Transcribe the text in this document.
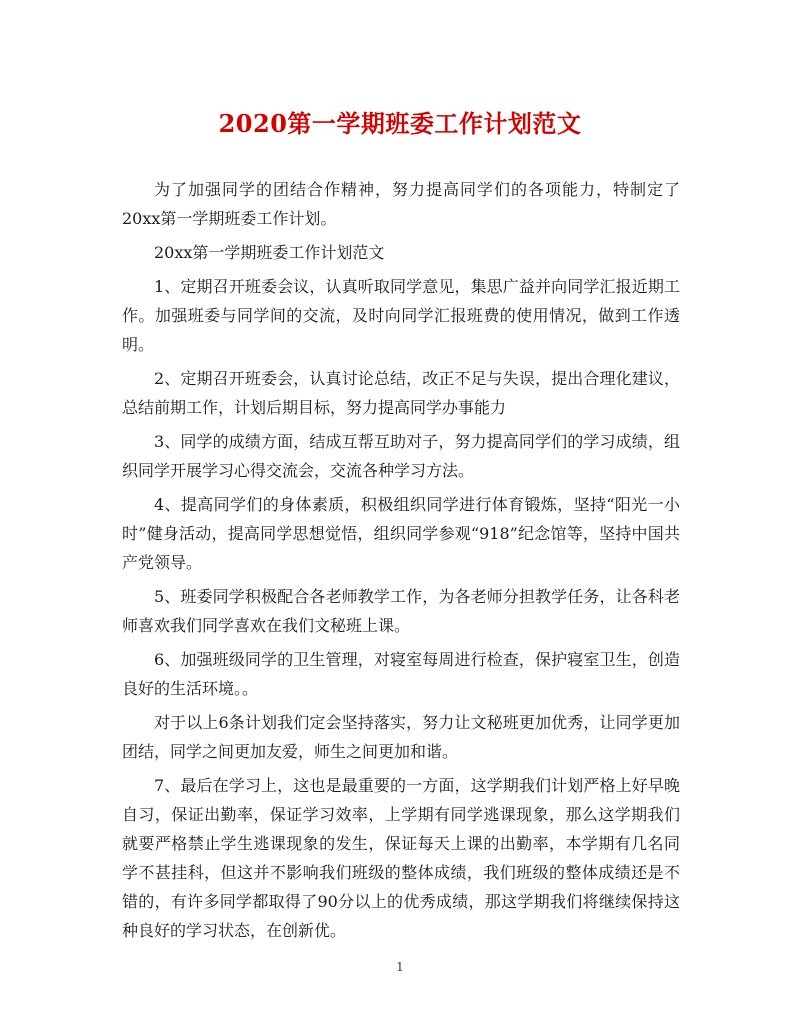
2020第一学期班委工作计划范文

为了加强同学的团结合作精神，努力提高同学们的各项能力，特制定了20xx第一学期班委工作计划。

20xx第一学期班委工作计划范文

1、定期召开班委会议，认真听取同学意见，集思广益并向同学汇报近期工作。加强班委与同学间的交流，及时向同学汇报班费的使用情况，做到工作透明。

2、定期召开班委会，认真讨论总结，改正不足与失误，提出合理化建议，总结前期工作，计划后期目标，努力提高同学办事能力

3、同学的成绩方面，结成互帮互助对子，努力提高同学们的学习成绩，组织同学开展学习心得交流会，交流各种学习方法。

4、提高同学们的身体素质，积极组织同学进行体育锻炼，坚持“阳光一小时”健身活动，提高同学思想觉悟，组织同学参观“918”纪念馆等，坚持中国共产党领导。

5、班委同学积极配合各老师教学工作，为各老师分担教学任务，让各科老师喜欢我们同学喜欢在我们文秘班上课。

6、加强班级同学的卫生管理，对寝室每周进行检查，保护寝室卫生，创造良好的生活环境。。

对于以上6条计划我们定会坚持落实，努力让文秘班更加优秀，让同学更加团结，同学之间更加友爱，师生之间更加和谐。

7、最后在学习上，这也是最重要的一方面，这学期我们计划严格上好早晚自习，保证出勤率，保证学习效率，上学期有同学逃课现象，那么这学期我们就要严格禁止学生逃课现象的发生，保证每天上课的出勤率，本学期有几名同学不甚挂科，但这并不影响我们班级的整体成绩，我们班级的整体成绩还是不错的，有许多同学都取得了90分以上的优秀成绩，那这学期我们将继续保持这种良好的学习状态，在创新优。

1
